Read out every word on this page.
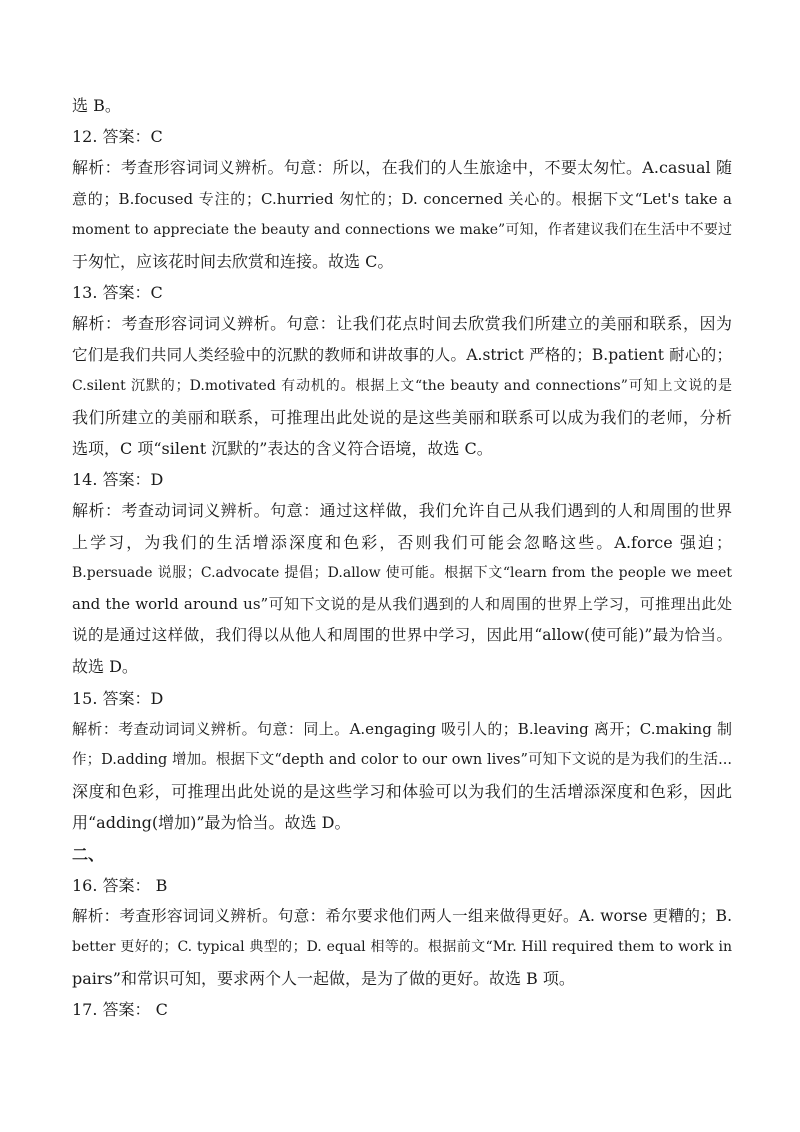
选 B。
12. 答案：C
解析：考查形容词词义辨析。句意：所以，在我们的人生旅途中，不要太匆忙。A.casual 随
意的；B.focused 专注的；C.hurried 匆忙的；D. concerned 关心的。根据下文“Let's take a
moment to appreciate the beauty and connections we make”可知，作者建议我们在生活中不要过
于匆忙，应该花时间去欣赏和连接。故选 C。
13. 答案：C
解析：考查形容词词义辨析。句意：让我们花点时间去欣赏我们所建立的美丽和联系，因为
它们是我们共同人类经验中的沉默的教师和讲故事的人。A.strict 严格的；B.patient 耐心的；
C.silent 沉默的；D.motivated 有动机的。根据上文“the beauty and connections”可知上文说的是
我们所建立的美丽和联系，可推理出此处说的是这些美丽和联系可以成为我们的老师，分析
选项，C 项“silent 沉默的”表达的含义符合语境，故选 C。
14. 答案：D
解析：考查动词词义辨析。句意：通过这样做，我们允许自己从我们遇到的人和周围的世界
上学习，为我们的生活增添深度和色彩，否则我们可能会忽略这些。A.force 强迫；
B.persuade 说服；C.advocate 提倡；D.allow 使可能。根据下文“learn from the people we meet
and the world around us”可知下文说的是从我们遇到的人和周围的世界上学习，可推理出此处
说的是通过这样做，我们得以从他人和周围的世界中学习，因此用“allow(使可能)”最为恰当。
故选 D。
15. 答案：D
解析：考查动词词义辨析。句意：同上。A.engaging 吸引人的；B.leaving 离开；C.making 制
作；D.adding 增加。根据下文“depth and color to our own lives”可知下文说的是为我们的生活...
深度和色彩，可推理出此处说的是这些学习和体验可以为我们的生活增添深度和色彩，因此
用“adding(增加)”最为恰当。故选 D。
二、
16. 答案： B
解析：考查形容词词义辨析。句意：希尔要求他们两人一组来做得更好。A. worse 更糟的；B.
better 更好的；C. typical 典型的；D. equal 相等的。根据前文“Mr. Hill required them to work in
pairs”和常识可知，要求两个人一起做，是为了做的更好。故选 B 项。
17. 答案： C
